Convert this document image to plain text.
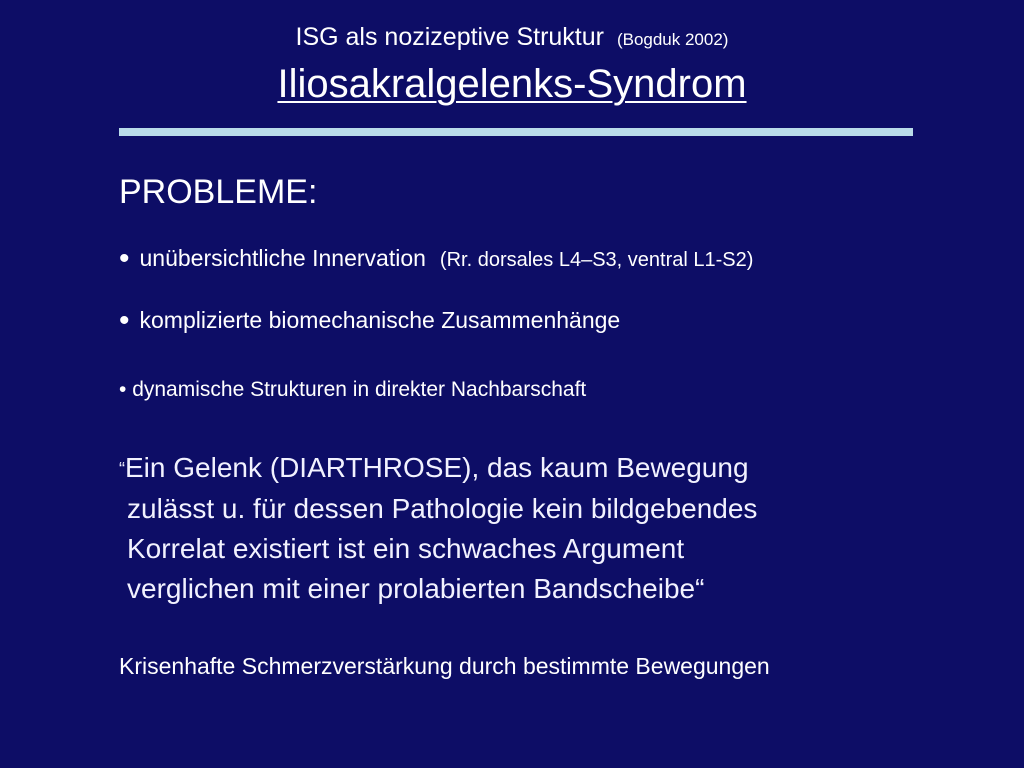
ISG als nozizeptive Struktur (Bogduk 2002)
Iliosakralgelenks-Syndrom
PROBLEME:
• unübersichtliche Innervation (Rr. dorsales L4–S3, ventral L1-S2)
• komplizierte biomechanische Zusammenhänge
• dynamische Strukturen in direkter Nachbarschaft
“Ein Gelenk (DIARTHROSE), das kaum Bewegung
zulässt u. für dessen Pathologie kein bildgebendes
Korrelat existiert ist ein schwaches Argument
verglichen mit einer prolabierten Bandscheibe“
Krisenhafte Schmerzverstärkung durch bestimmte Bewegungen
